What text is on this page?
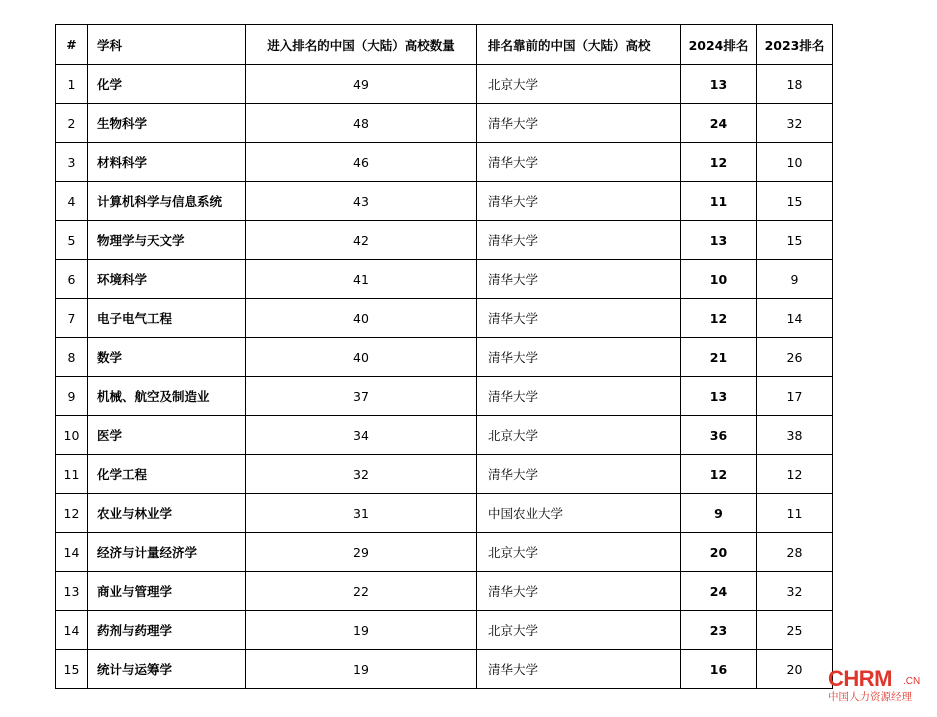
#	学科	进入排名的中国（大陆）高校数量	排名靠前的中国（大陆）高校	2024排名	2023排名
1	化学	49	北京大学	13	18
2	生物科学	48	清华大学	24	32
3	材料科学	46	清华大学	12	10
4	计算机科学与信息系统	43	清华大学	11	15
5	物理学与天文学	42	清华大学	13	15
6	环境科学	41	清华大学	10	9
7	电子电气工程	40	清华大学	12	14
8	数学	40	清华大学	21	26
9	机械、航空及制造业	37	清华大学	13	17
10	医学	34	北京大学	36	38
11	化学工程	32	清华大学	12	12
12	农业与林业学	31	中国农业大学	9	11
14	经济与计量经济学	29	北京大学	20	28
13	商业与管理学	22	清华大学	24	32
14	药剂与药理学	19	北京大学	23	25
15	统计与运筹学	19	清华大学	16	20 CHRM .CN
中国人力资源经理
